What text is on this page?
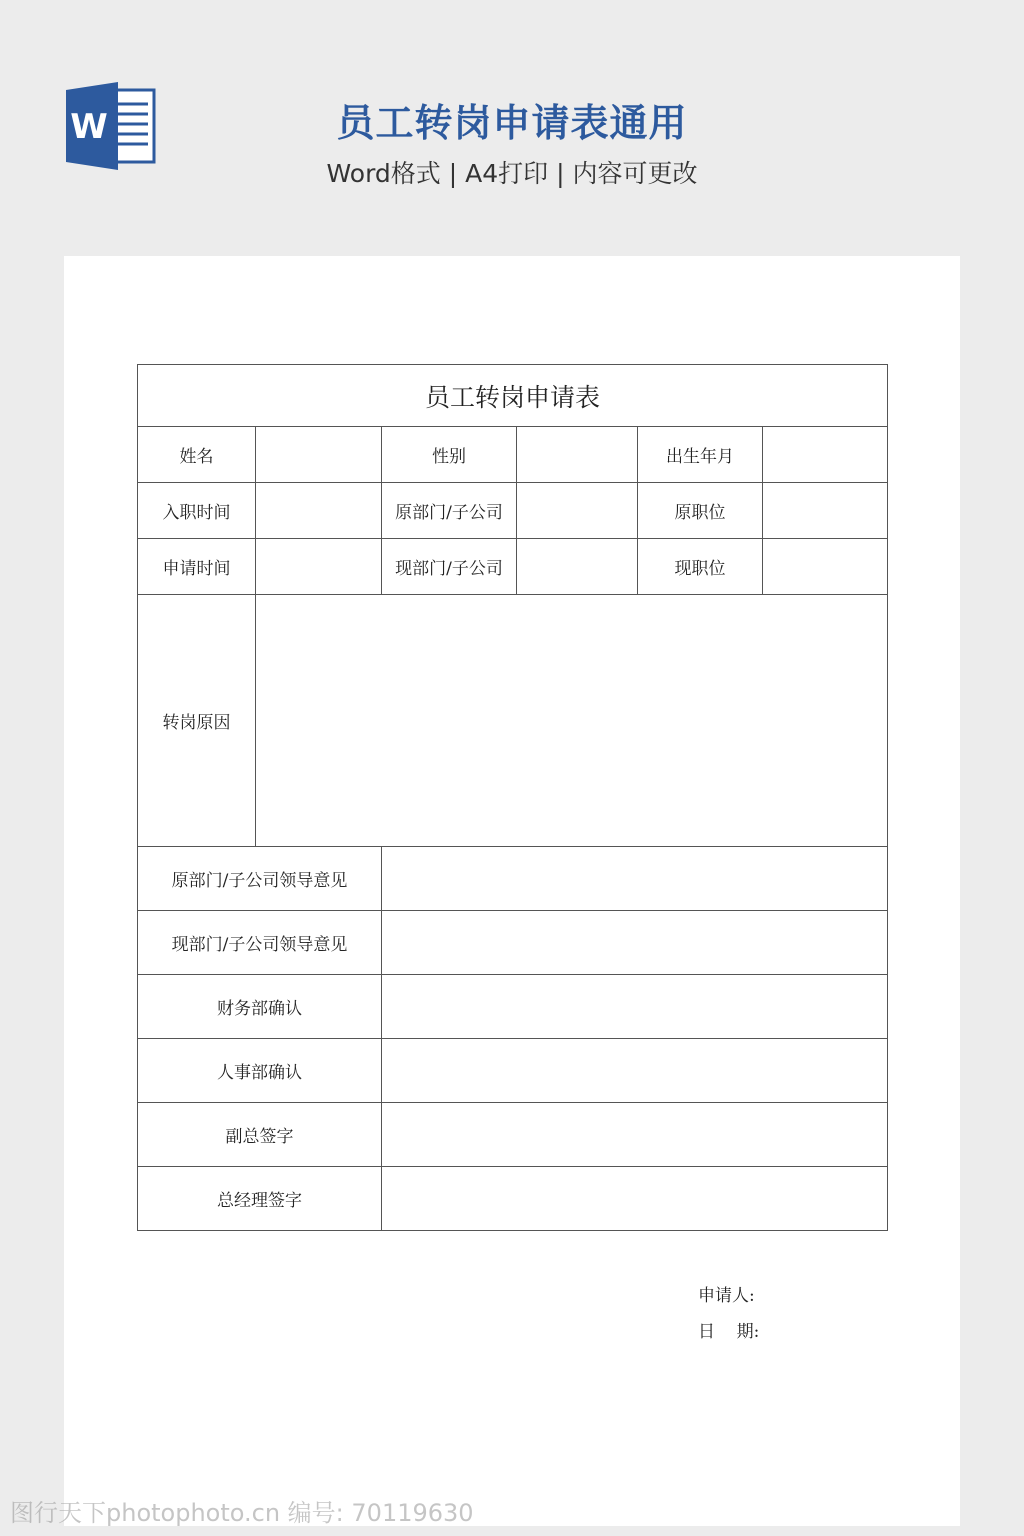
W	员工转岗申请表通用
Word格式 | A4打印 | 内容可更改
员工转岗申请表					
姓名		性别		出生年月	
入职时间		原部门/子公司		原职位	
申请时间		现部门/子公司		现职位	
转岗原因					
原部门/子公司领导意见					
现部门/子公司领导意见					
财务部确认					
人事部确认					
副总签字					
总经理签字					
申请人:
日    期:
图行天下photophoto.cn 编号: 70119630
